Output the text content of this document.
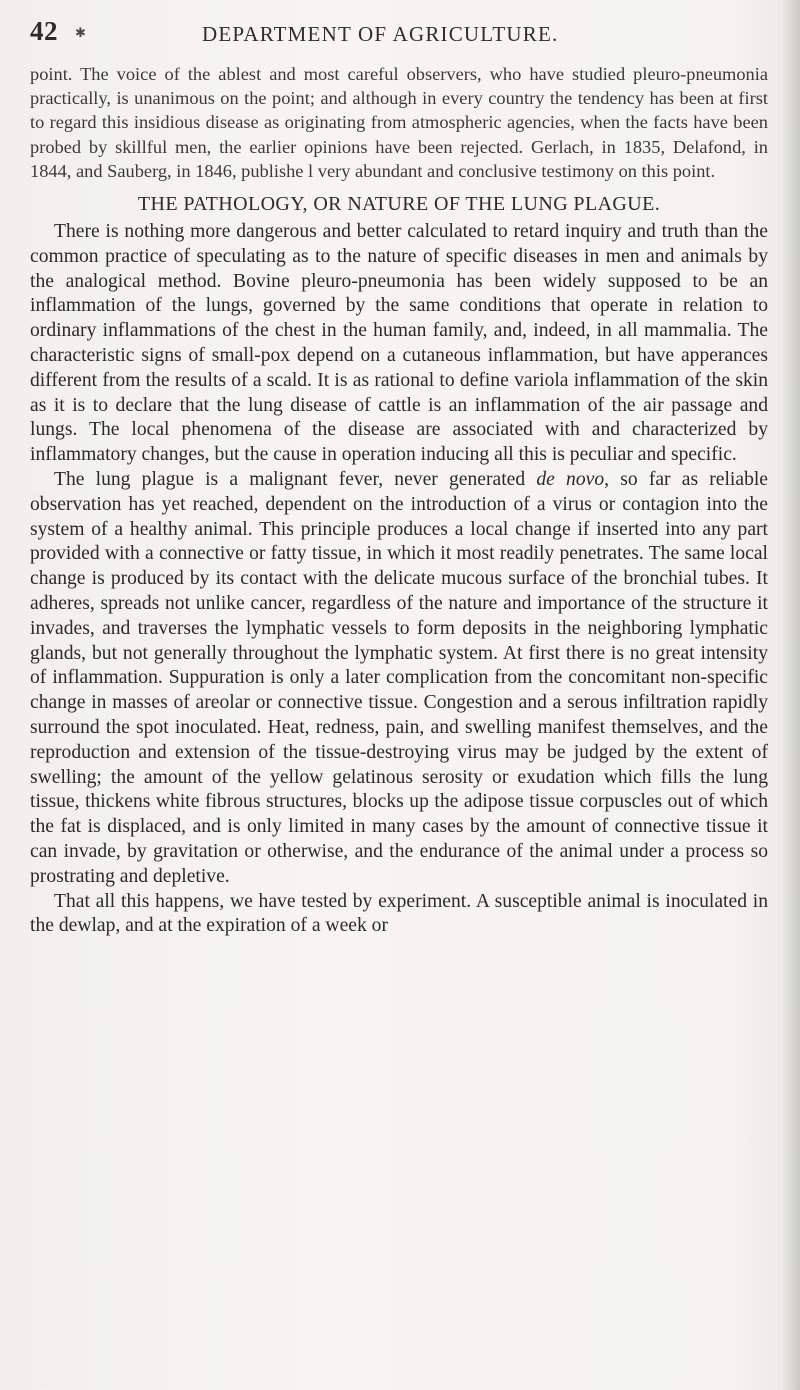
42 ✱	DEPARTMENT OF AGRICULTURE.

point. The voice of the ablest and most careful observers, who have studied pleuro-pneumonia practically, is unanimous on the point; and although in every country the tendency has been at first to regard this insidious disease as originating from atmospheric agencies, when the facts have been probed by skillful men, the earlier opinions have been rejected. Gerlach, in 1835, Delafond, in 1844, and Sauberg, in 1846, publishe l very abundant and conclusive testimony on this point.

THE PATHOLOGY, OR NATURE OF THE LUNG PLAGUE.

There is nothing more dangerous and better calculated to retard inquiry and truth than the common practice of speculating as to the nature of specific diseases in men and animals by the analogical method. Bovine pleuro-pneumonia has been widely supposed to be an inflammation of the lungs, governed by the same conditions that operate in relation to ordinary inflammations of the chest in the human family, and, indeed, in all mammalia. The characteristic signs of small-pox depend on a cutaneous inflammation, but have apperances different from the results of a scald. It is as rational to define variola inflammation of the skin as it is to declare that the lung disease of cattle is an inflammation of the air passage and lungs. The local phenomena of the disease are associated with and characterized by inflammatory changes, but the cause in operation inducing all this is peculiar and specific.

The lung plague is a malignant fever, never generated de novo, so far as reliable observation has yet reached, dependent on the introduction of a virus or contagion into the system of a healthy animal. This principle produces a local change if inserted into any part provided with a connective or fatty tissue, in which it most readily penetrates. The same local change is produced by its contact with the delicate mucous surface of the bronchial tubes. It adheres, spreads not unlike cancer, regardless of the nature and importance of the structure it invades, and traverses the lymphatic vessels to form deposits in the neighboring lymphatic glands, but not generally throughout the lymphatic system. At first there is no great intensity of inflammation. Suppuration is only a later complication from the concomitant non-specific change in masses of areolar or connective tissue. Congestion and a serous infiltration rapidly surround the spot inoculated. Heat, redness, pain, and swelling manifest themselves, and the reproduction and extension of the tissue-destroying virus may be judged by the extent of swelling; the amount of the yellow gelatinous serosity or exudation which fills the lung tissue, thickens white fibrous structures, blocks up the adipose tissue corpuscles out of which the fat is displaced, and is only limited in many cases by the amount of connective tissue it can invade, by gravitation or otherwise, and the endurance of the animal under a process so prostrating and depletive.

That all this happens, we have tested by experiment. A susceptible animal is inoculated in the dewlap, and at the expiration of a week or
